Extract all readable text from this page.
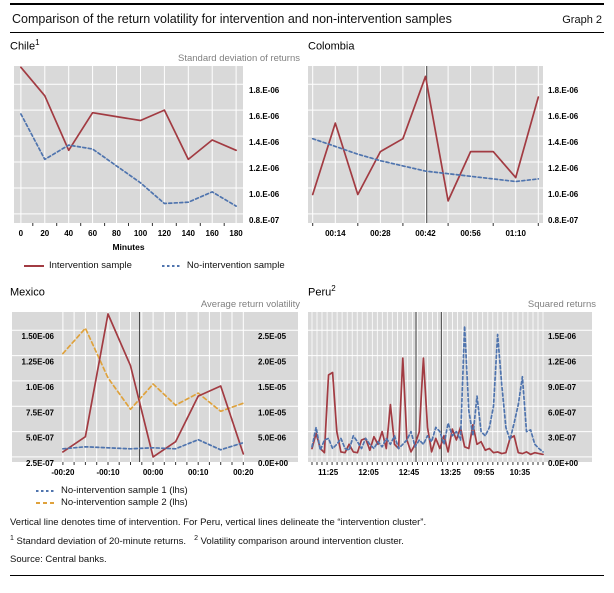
Comparison of the return volatility for intervention and non-intervention samples	Graph 2
Chile$^1$
Standard deviation of returns
1.8.E-06
1.6.E-06
1.4.E-06
1.2.E-06
1.0.E-06
0.8.E-07
0 20 40 60 80 100 120 140 160 180
Minutes
Intervention sample	No-intervention sample
Colombia
1.8.E-06
1.6.E-06
1.4.E-06
1.2.E-06
1.0.E-06
0.8.E-07
00:14	00:28	00:42	00:56	01:10
Mexico
Average return volatility
2.5E-05
2.0E-05
1.5E-05
1.0E-05
5.0E-06
0.0E+00
1.50E-06
1.25E-06
1.0E-06
7.5E-07
5.0E-07
2.5E-07
-00:20	-00:10	00:00	00:10	00:20
No-intervention sample 1 (lhs)
No-intervention sample 2 (lhs)
Peru$^2$
Squared returns
1.5E-06
1.2E-06
9.0E-07
6.0E-07
3.0E-07
0.0E+00
11:25	12:05 12:45	13:25 09:55 10:35
Vertical line denotes time of intervention. For Peru, vertical lines delineate the “intervention cluster”.
$^1$ Standard deviation of 20-minute returns. $^2$ Volatility comparison around intervention cluster.
Source: Central banks.
